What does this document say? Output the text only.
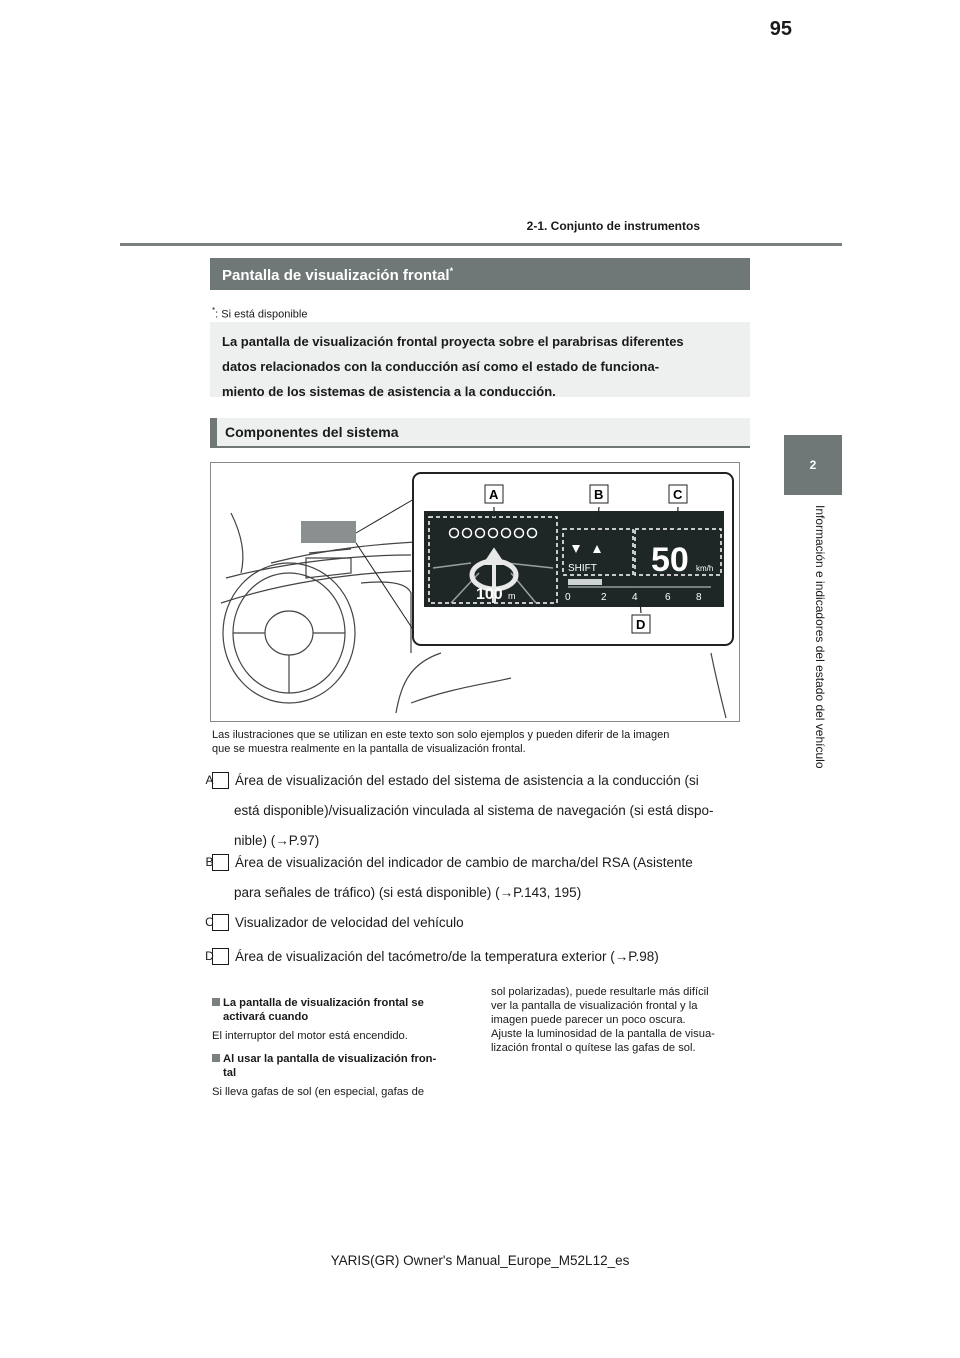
95
2-1. Conjunto de instrumentos
2
Información e indicadores del estado del vehículo
Pantalla de visualización frontal*
*: Si está disponible
La pantalla de visualización frontal proyecta sobre el parabrisas diferentes
datos relacionados con la conducción así como el estado de funciona-
miento de los sistemas de asistencia a la conducción.
Componentes del sistema
100 m
SHIFT 50 km/h
0	2	4	6	8
A	B	C
D
Las ilustraciones que se utilizan en este texto son solo ejemplos y pueden diferir de la imagen
que se muestra realmente en la pantalla de visualización frontal.

A Área de visualización del estado del sistema de asistencia a la conducción (si

está disponible)/visualización vinculada al sistema de navegación (si está dispo-

nible) (→P.97)

B Área de visualización del indicador de cambio de marcha/del RSA (Asistente

para señales de tráfico) (si está disponible) (→P.143, 195)

C Visualizador de velocidad del vehículo

D Área de visualización del tacómetro/de la temperatura exterior (→P.98)

La pantalla de visualización frontal se
activará cuando
El interruptor del motor está encendido.
Al usar la pantalla de visualización fron-
tal
Si lleva gafas de sol (en especial, gafas de
sol polarizadas), puede resultarle más difícil
ver la pantalla de visualización frontal y la
imagen puede parecer un poco oscura.
Ajuste la luminosidad de la pantalla de visua-
lización frontal o quítese las gafas de sol.
YARIS(GR) Owner's Manual_Europe_M52L12_es
